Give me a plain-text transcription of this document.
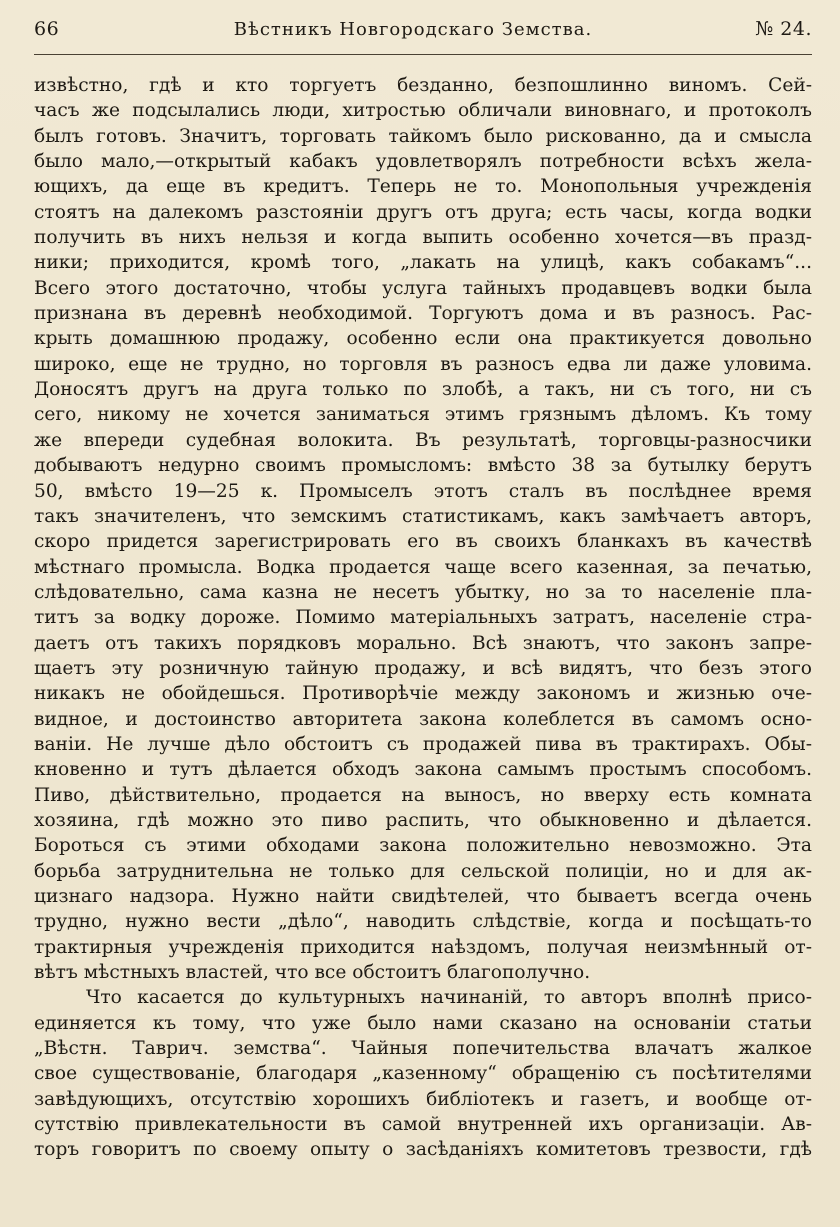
66	Вѣстникъ Новгородскаго Земства.	№ 24.
извѣстно, гдѣ и кто торгуетъ безданно, безпошлинно виномъ. Сей-
часъ же подсылались люди, хитростью обличали виновнаго, и протоколъ
былъ готовъ. Значитъ, торговать тайкомъ было рискованно, да и смысла
было мало,—открытый кабакъ удовлетворялъ потребности всѣхъ жела-
ющихъ, да еще въ кредитъ. Теперь не то. Монопольныя учрежденія
стоятъ на далекомъ разстояніи другъ отъ друга; есть часы, когда водки
получить въ нихъ нельзя и когда выпить особенно хочется—въ празд-
ники; приходится, кромѣ того, „лакать на улицѣ, какъ собакамъ“...
Всего этого достаточно, чтобы услуга тайныхъ продавцевъ водки была
признана въ деревнѣ необходимой. Торгуютъ дома и въ разносъ. Рас-
крыть домашнюю продажу, особенно если она практикуется довольно
широко, еще не трудно, но торговля въ разносъ едва ли даже уловима.
Доносятъ другъ на друга только по злобѣ, а такъ, ни съ того, ни съ
сего, никому не хочется заниматься этимъ грязнымъ дѣломъ. Къ тому
же впереди судебная волокита. Въ результатѣ, торговцы-разносчики
добываютъ недурно своимъ промысломъ: вмѣсто 38 за бутылку берутъ
50, вмѣсто 19—25 к. Промыселъ этотъ сталъ въ послѣднее время
такъ значителенъ, что земскимъ статистикамъ, какъ замѣчаетъ авторъ,
скоро придется зарегистрировать его въ своихъ бланкахъ въ качествѣ
мѣстнаго промысла. Водка продается чаще всего казенная, за печатью,
слѣдовательно, сама казна не несетъ убытку, но за то населеніе пла-
титъ за водку дороже. Помимо матеріальныхъ затратъ, населеніе стра-
даетъ отъ такихъ порядковъ морально. Всѣ знаютъ, что законъ запре-
щаетъ эту розничную тайную продажу, и всѣ видятъ, что безъ этого
никакъ не обойдешься. Противорѣчіе между закономъ и жизнью оче-
видное, и достоинство авторитета закона колеблется въ самомъ осно-
ваніи. Не лучше дѣло обстоитъ съ продажей пива въ трактирахъ. Обы-
кновенно и тутъ дѣлается обходъ закона самымъ простымъ способомъ.
Пиво, дѣйствительно, продается на выносъ, но вверху есть комната
хозяина, гдѣ можно это пиво распить, что обыкновенно и дѣлается.
Бороться съ этими обходами закона положительно невозможно. Эта
борьба затруднительна не только для сельской полиціи, но и для ак-
цизнаго надзора. Нужно найти свидѣтелей, что бываетъ всегда очень
трудно, нужно вести „дѣло“, наводить слѣдствіе, когда и посѣщать-то
трактирныя учрежденія приходится наѣздомъ, получая неизмѣнный от-
вѣтъ мѣстныхъ властей, что все обстоитъ благополучно.
Что касается до культурныхъ начинаній, то авторъ вполнѣ присо-
единяется къ тому, что уже было нами сказано на основаніи статьи
„Вѣстн. Таврич. земства“. Чайныя попечительства влачатъ жалкое
свое существованіе, благодаря „казенному“ обращенію съ посѣтителями
завѣдующихъ, отсутствію хорошихъ библіотекъ и газетъ, и вообще от-
сутствію привлекательности въ самой внутренней ихъ организаціи. Ав-
торъ говоритъ по своему опыту о засѣданіяхъ комитетовъ трезвости, гдѣ
